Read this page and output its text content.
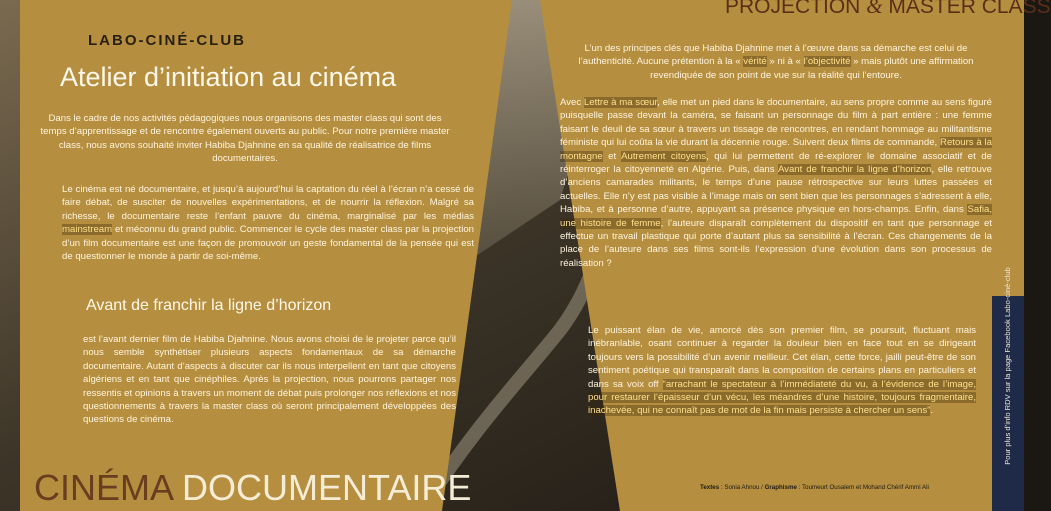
LABO-CINÉ-CLUB
Atelier d’initiation au cinéma
Dans le cadre de nos activités pédagogiques nous organisons des master class qui sont des temps d’apprentissage et de rencontre également ouverts au public. Pour notre première master class, nous avons souhaité inviter Habiba Djahnine en sa qualité de réalisatrice de films documentaires.
Le cinéma est né documentaire, et jusqu’à aujourd’hui la captation du réel à l’écran n’a cessé de faire débat, de susciter de nouvelles expérimentations, et de nourrir la réflexion. Malgré sa richesse, le documentaire reste l’enfant pauvre du cinéma, marginalisé par les médias mainstream et méconnu du grand public. Commencer le cycle des master class par la projection d’un film documentaire est une façon de promouvoir un geste fondamental de la pensée qui est de questionner le monde à partir de soi-même.
Avant de franchir la ligne d’horizon
est l’avant dernier film de Habiba Djahnine. Nous avons choisi de le projeter parce qu’il nous semble synthétiser plusieurs aspects fondamentaux de sa démarche documentaire. Autant d’aspects à discuter car ils nous interpellent en tant que citoyens algériens et en tant que cinéphiles. Après la projection, nous pourrons partager nos ressentis et opinions à travers un moment de débat puis prolonger nos réflexions et nos questionnements à travers la master class où seront principalement développées des questions de cinéma.
CINÉMA DOCUMENTAIRE
PROJECTION & MASTER CLASS
L’un des principes clés que Habiba Djahnine met à l’œuvre dans sa démarche est celui de l’authenticité. Aucune prétention à la « vérité » ni à « l’objectivité » mais plutôt une affirmation revendiquée de son point de vue sur la réalité qui l’entoure.
Avec Lettre à ma sœur, elle met un pied dans le documentaire, au sens propre comme au sens figuré puisquelle passe devant la caméra, se faisant un personnage du film à part entière : une femme faisant le deuil de sa sœur à travers un tissage de rencontres, en rendant hommage au militantisme féministe qui lui coûta la vie durant la décennie rouge. Suivent deux films de commande, Retours à la montagne et Autrement citoyens, qui lui permettent de ré-explorer le domaine associatif et de réinterroger la citoyenneté en Algérie. Puis, dans Avant de franchir la ligne d’horizon, elle retrouve d’anciens camarades militants, le temps d’une pause rétrospective sur leurs luttes passées et actuelles. Elle n’y est pas visible à l’image mais on sent bien que les personnages s’adressent à elle, Habiba, et à personne d’autre, appuyant sa présence physique en hors-champs. Enfin, dans Safia, une histoire de femme, l’auteure disparaît complètement du dispositif en tant que personnage et effectue un travail plastique qui porte d’autant plus sa sensibilité à l’écran. Ces changements de la place de l’auteure dans ses films sont-ils l’expression d’une évolution dans son processus de réalisation ?
Le puissant élan de vie, amorcé dès son premier film, se poursuit, fluctuant mais inébranlable, osant continuer à regarder la douleur bien en face tout en se dirigeant toujours vers la possibilité d’un avenir meilleur. Cet élan, cette force, jailli peut-être de son sentiment poétique qui transparaît dans la composition de certains plans en particuliers et dans sa voix off “arrachant le spectateur à l’immédiateté du vu, à l’évidence de l’image, pour restaurer l’épaisseur d’un vécu, les méandres d’une histoire, toujours fragmentaire, inachevée, qui ne connaît pas de mot de la fin mais persiste à chercher un sens”.
Textes : Sonia Ahnou / Graphisme : Toumeurt Ousalem et Mohand Chérif Ammi Ali
Pour plus d’info RDV sur la page Facebook Labo-ciné-club
